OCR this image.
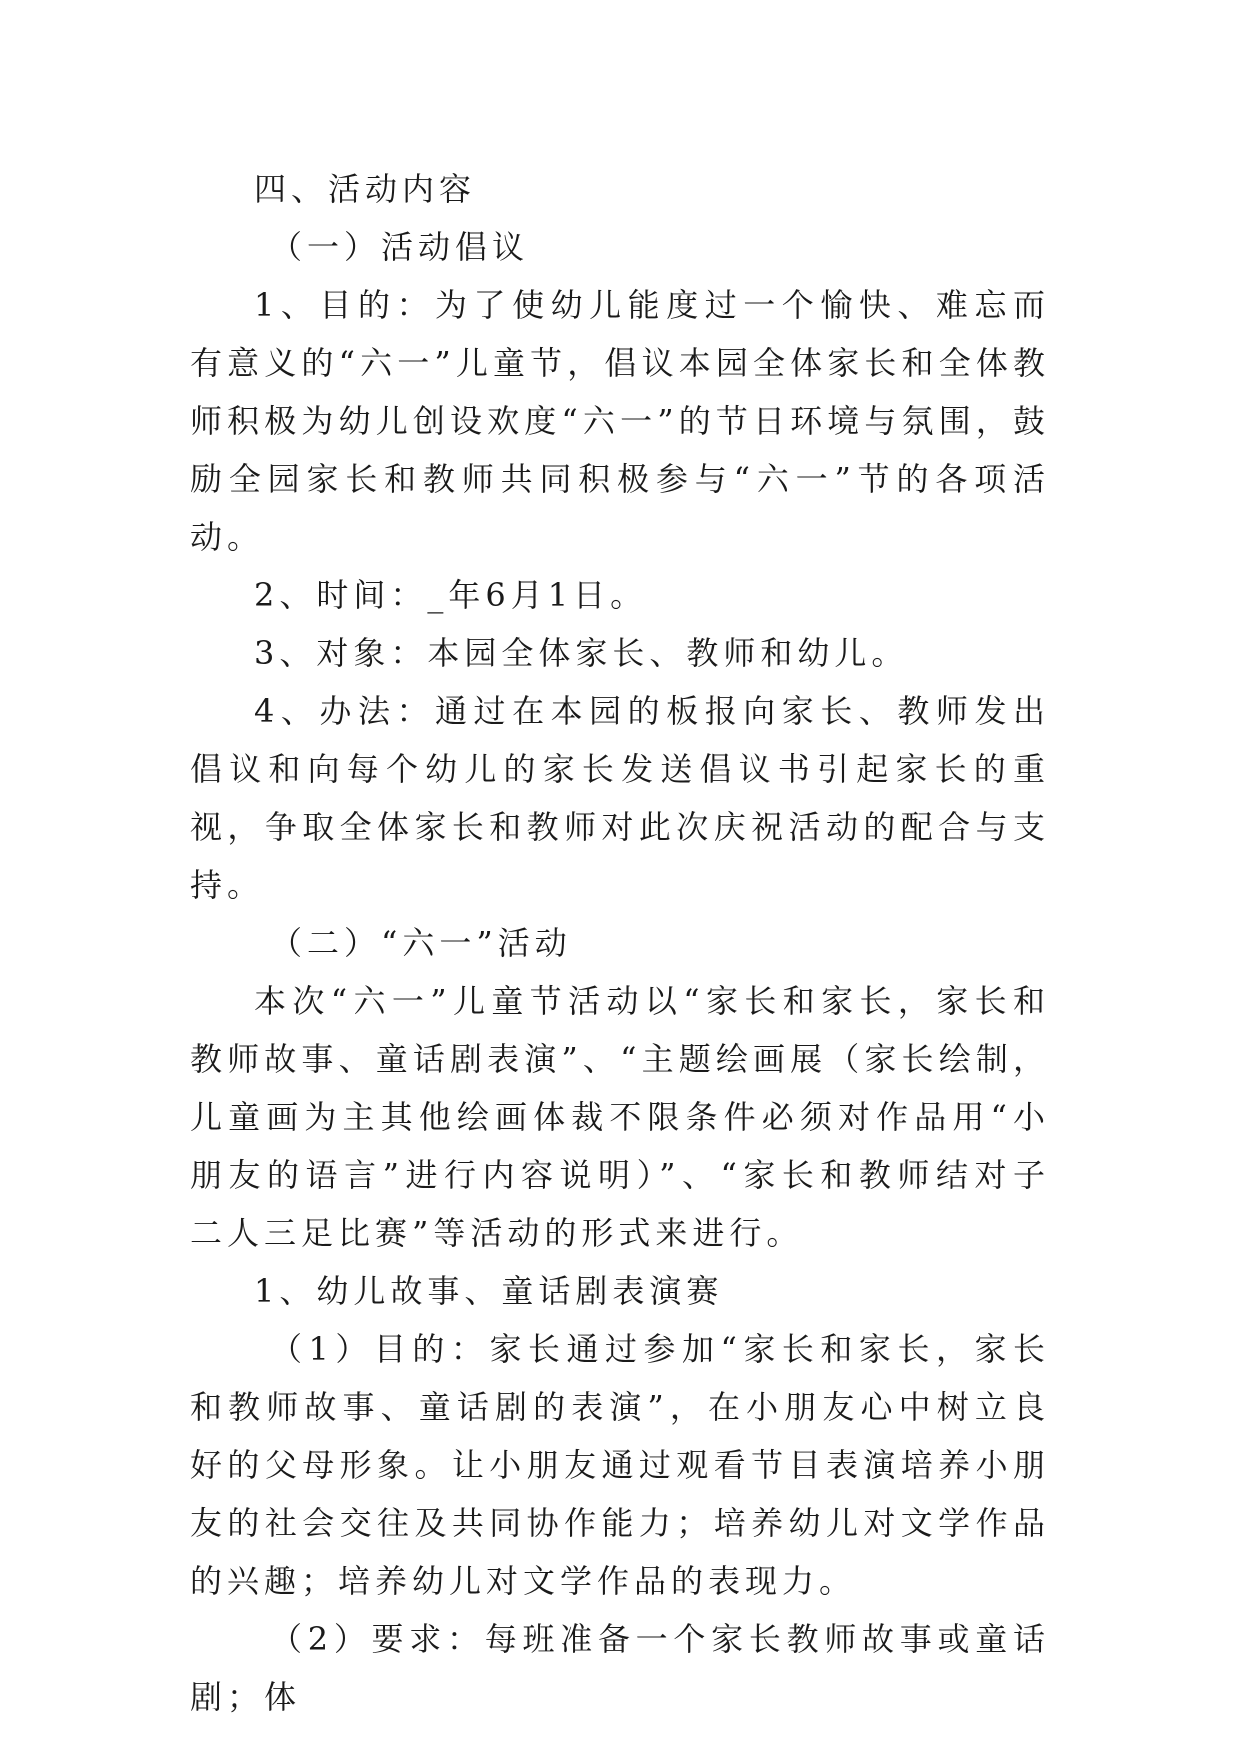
四、活动内容

（一）活动倡议

1、目的：为了使幼儿能度过一个愉快、难忘而有意义的“六一”儿童节，倡议本园全体家长和全体教师积极为幼儿创设欢度“六一”的节日环境与氛围，鼓励全园家长和教师共同积极参与“六一”节的各项活动。

2、时间：_年6月1日。

3、对象：本园全体家长、教师和幼儿。

4、办法：通过在本园的板报向家长、教师发出倡议和向每个幼儿的家长发送倡议书引起家长的重视，争取全体家长和教师对此次庆祝活动的配合与支持。

（二）“六一”活动

本次“六一”儿童节活动以“家长和家长，家长和教师故事、童话剧表演”、“主题绘画展（家长绘制，儿童画为主其他绘画体裁不限条件必须对作品用“小朋友的语言”进行内容说明）”、“家长和教师结对子二人三足比赛”等活动的形式来进行。

1、幼儿故事、童话剧表演赛

（1）目的：家长通过参加“家长和家长，家长和教师故事、童话剧的表演”，在小朋友心中树立良好的父母形象。让小朋友通过观看节目表演培养小朋友的社会交往及共同协作能力；培养幼儿对文学作品的兴趣；培养幼儿对文学作品的表现力。

（2）要求：每班准备一个家长教师故事或童话剧；体
